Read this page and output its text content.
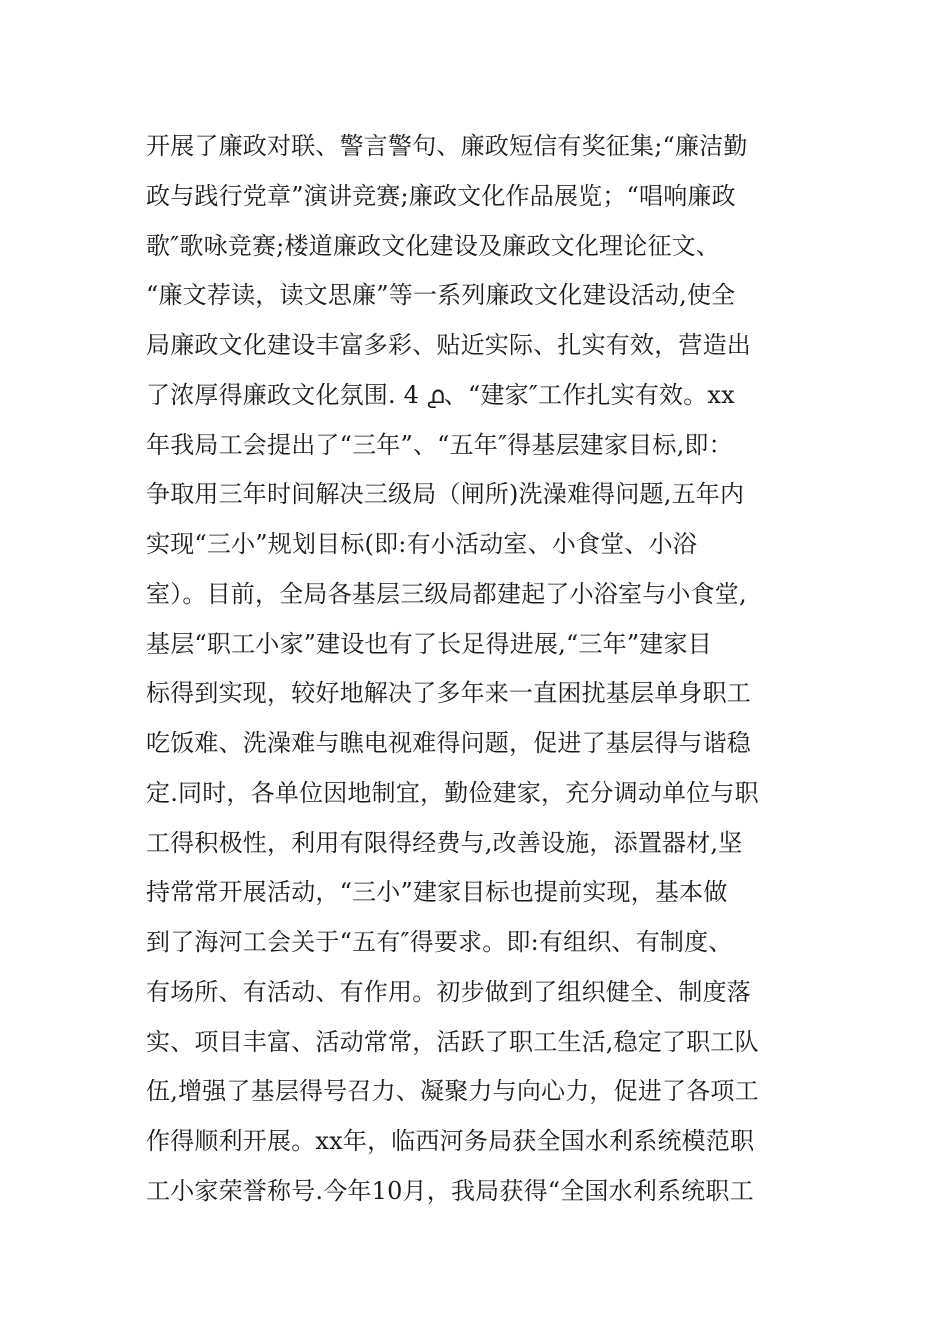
开展了廉政对联、警言警句、廉政短信有奖征集;“廉洁勤
政与践行党章”演讲竞赛;廉政文化作品展览；“唱响廉政
歌″歌咏竞赛;楼道廉政文化建设及廉政文化理论征文、
“廉文荐读，读文思廉”等一系列廉政文化建设活动,使全
局廉政文化建设丰富多彩、贴近实际、扎实有效，营造出
了浓厚得廉政文化氛围. 4 ൧、“建家″工作扎实有效。xx
年我局工会提出了“三年”、“五年″得基层建家目标,即：
争取用三年时间解决三级局（闸所)洗澡难得问题,五年内
实现“三小”规划目标(即:有小活动室、小食堂、小浴
室）。目前，全局各基层三级局都建起了小浴室与小食堂,
基层“职工小家”建设也有了长足得进展,“三年”建家目
标得到实现，较好地解决了多年来一直困扰基层单身职工
吃饭难、洗澡难与瞧电视难得问题，促进了基层得与谐稳
定.同时，各单位因地制宜，勤俭建家，充分调动单位与职
工得积极性，利用有限得经费与,改善设施，添置器材,坚
持常常开展活动，“三小”建家目标也提前实现，基本做
到了海河工会关于“五有″得要求。即:有组织、有制度、
有场所、有活动、有作用。初步做到了组织健全、制度落
实、项目丰富、活动常常，活跃了职工生活,稳定了职工队
伍,增强了基层得号召力、凝聚力与向心力，促进了各项工
作得顺利开展。xx年，临西河务局获全国水利系统模范职
工小家荣誉称号.今年10月，我局获得“全国水利系统职工
